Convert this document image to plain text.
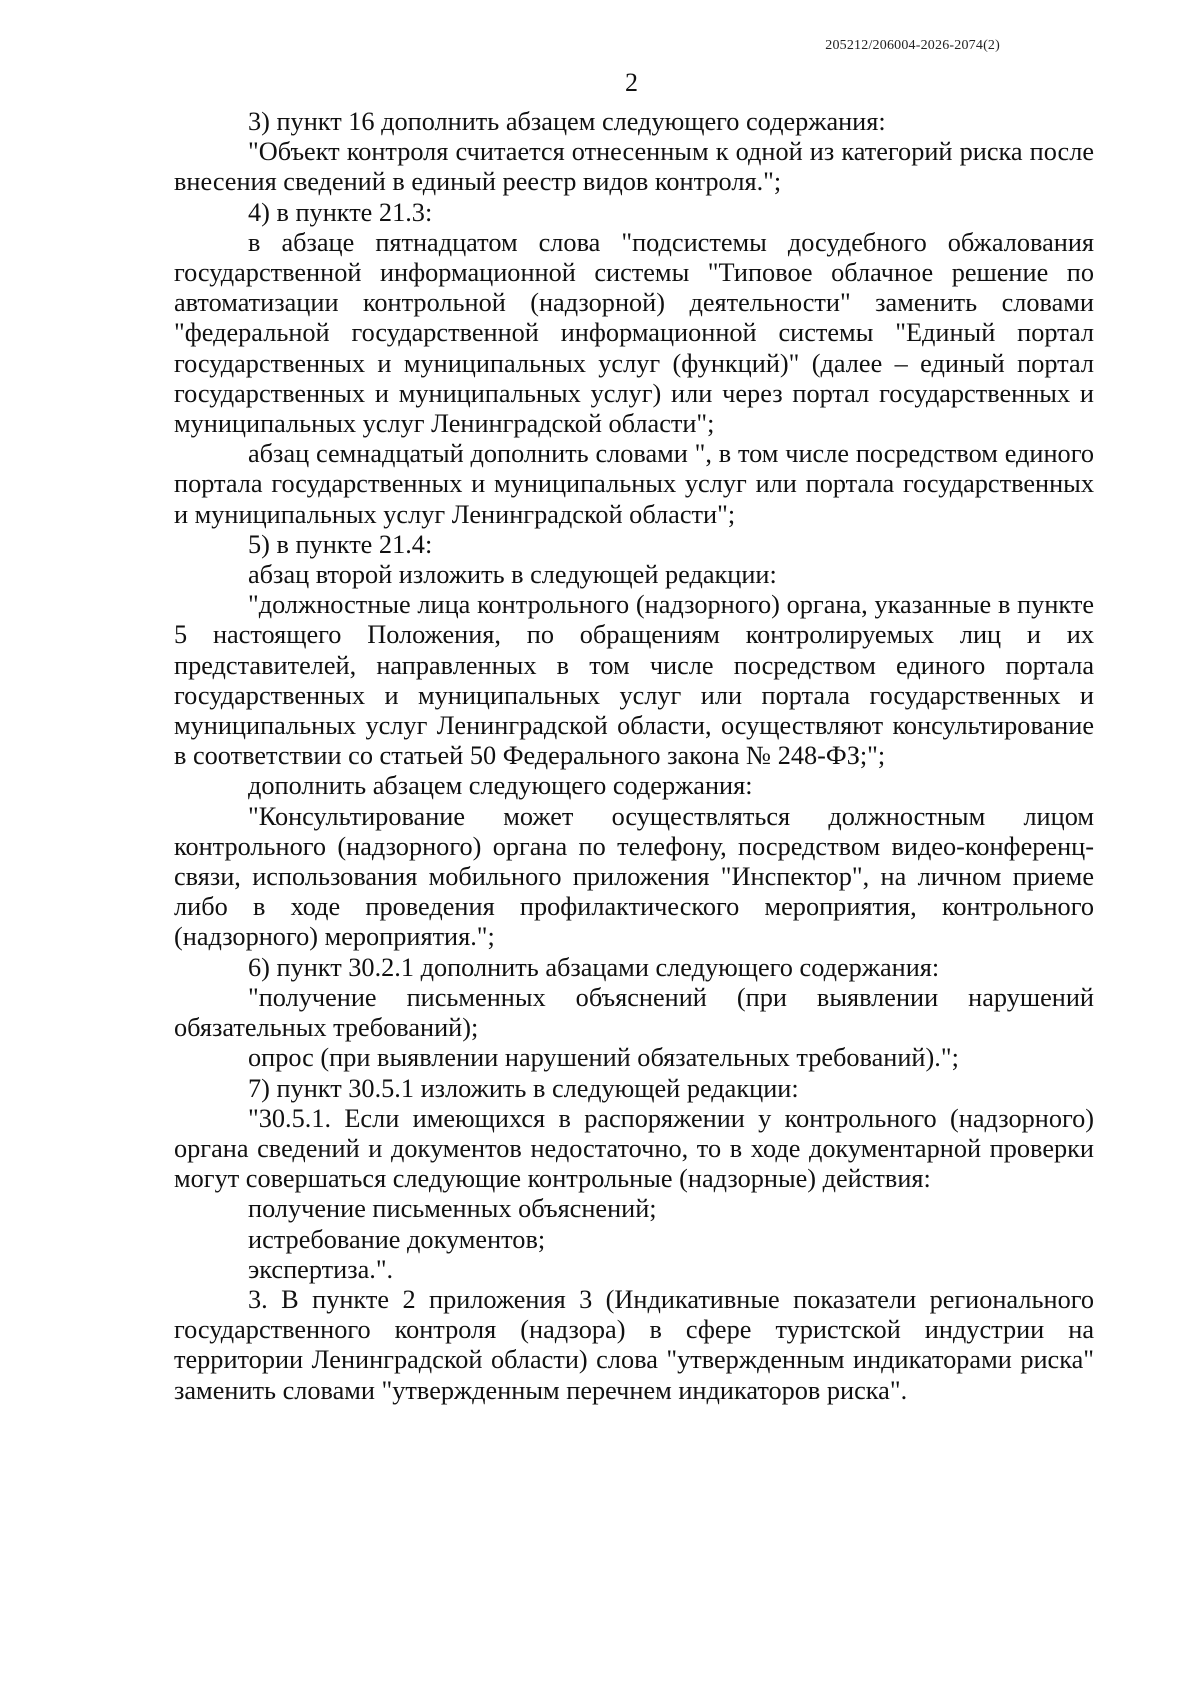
205212/206004-2026-2074(2)
2

3) пункт 16 дополнить абзацем следующего содержания:

"Объект контроля считается отнесенным к одной из категорий риска после внесения сведений в единый реестр видов контроля.";

4) в пункте 21.3:

в абзаце пятнадцатом слова "подсистемы досудебного обжалования государственной информационной системы "Типовое облачное решение по автоматизации контрольной (надзорной) деятельности" заменить словами "федеральной государственной информационной системы "Единый портал государственных и муниципальных услуг (функций)" (далее – единый портал государственных и муниципальных услуг) или через портал государственных и муниципальных услуг Ленинградской области";

абзац семнадцатый дополнить словами ", в том числе посредством единого портала государственных и муниципальных услуг или портала государственных и муниципальных услуг Ленинградской области";

5) в пункте 21.4:

абзац второй изложить в следующей редакции:

"должностные лица контрольного (надзорного) органа, указанные в пункте 5 настоящего Положения, по обращениям контролируемых лиц и их представителей, направленных в том числе посредством единого портала государственных и муниципальных услуг или портала государственных и муниципальных услуг Ленинградской области, осуществляют консультирование в соответствии со статьей 50 Федерального закона № 248-ФЗ;";

дополнить абзацем следующего содержания:

"Консультирование может осуществляться должностным лицом контрольного (надзорного) органа по телефону, посредством видео-конференц-связи, использования мобильного приложения "Инспектор", на личном приеме либо в ходе проведения профилактического мероприятия, контрольного (надзорного) мероприятия.";

6) пункт 30.2.1 дополнить абзацами следующего содержания:

"получение письменных объяснений (при выявлении нарушений обязательных требований);

опрос (при выявлении нарушений обязательных требований).";

7) пункт 30.5.1 изложить в следующей редакции:

"30.5.1. Если имеющихся в распоряжении у контрольного (надзорного) органа сведений и документов недостаточно, то в ходе документарной проверки могут совершаться следующие контрольные (надзорные) действия:

получение письменных объяснений;

истребование документов;

экспертиза.".

3. В пункте 2 приложения 3 (Индикативные показатели регионального государственного контроля (надзора) в сфере туристской индустрии на территории Ленинградской области) слова "утвержденным индикаторами риска" заменить словами "утвержденным перечнем индикаторов риска".
